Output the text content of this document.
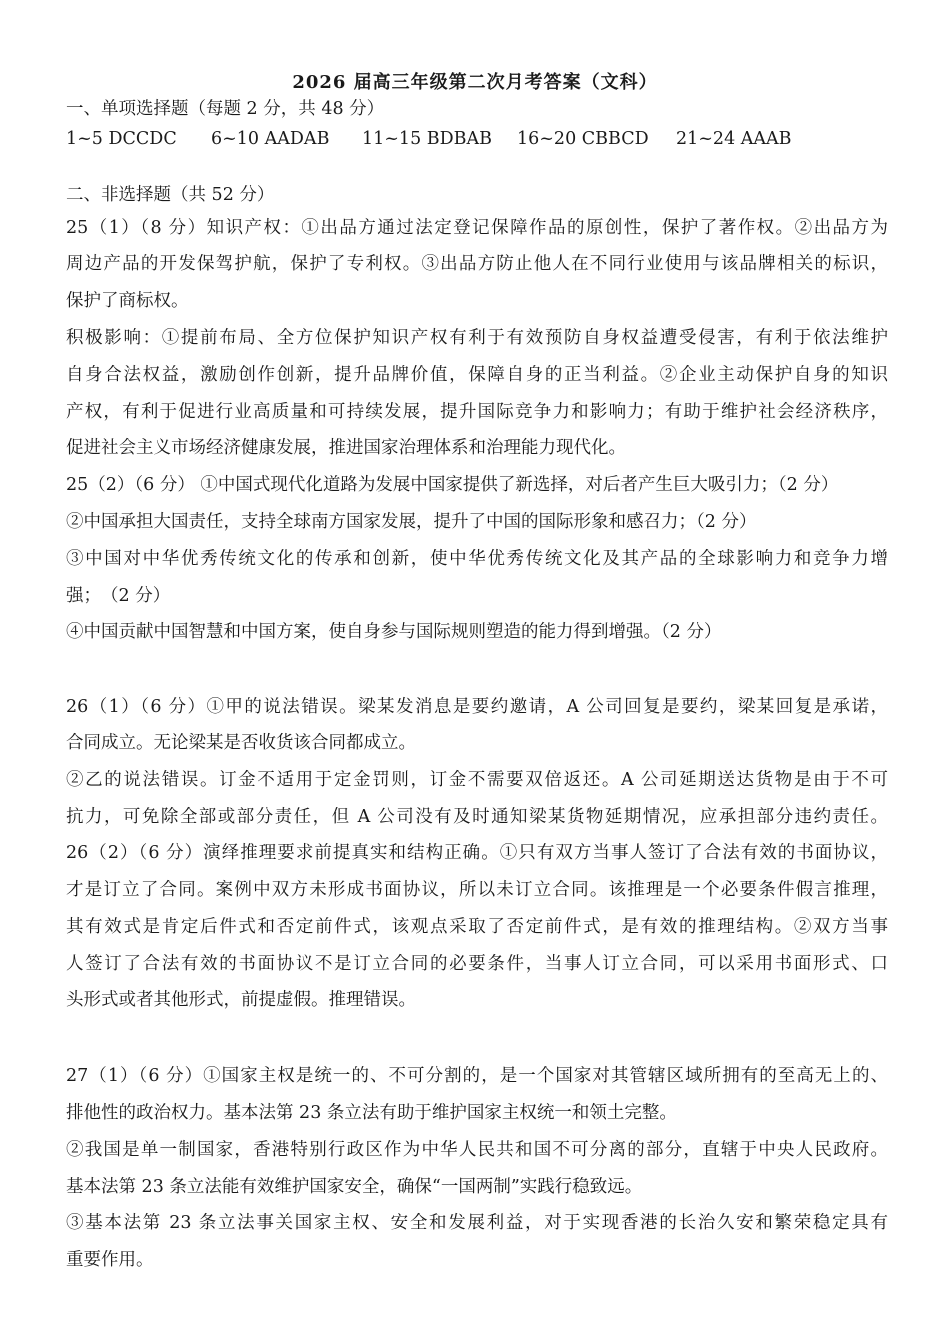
2026 届高三年级第二次月考答案（文科）
一、单项选择题（每题 2 分，共 48 分）
1~5 DCCDC 6~10 AADAB 11~15 BDBAB 16~20 CBBCD 21~24 AAAB
二、非选择题（共 52 分）
25（1）（8 分）知识产权：①出品方通过法定登记保障作品的原创性，保护了著作权。②出品方为
周边产品的开发保驾护航，保护了专利权。③出品方防止他人在不同行业使用与该品牌相关的标识，
保护了商标权。
积极影响：①提前布局、全方位保护知识产权有利于有效预防自身权益遭受侵害，有利于依法维护
自身合法权益，激励创作创新，提升品牌价值，保障自身的正当利益。②企业主动保护自身的知识
产权，有利于促进行业高质量和可持续发展，提升国际竞争力和影响力；有助于维护社会经济秩序，
促进社会主义市场经济健康发展，推进国家治理体系和治理能力现代化。
25（2）（6 分） ①中国式现代化道路为发展中国家提供了新选择，对后者产生巨大吸引力；（2 分）
②中国承担大国责任，支持全球南方国家发展，提升了中国的国际形象和感召力；（2 分）
③中国对中华优秀传统文化的传承和创新，使中华优秀传统文化及其产品的全球影响力和竞争力增
强；　（2 分）
④中国贡献中国智慧和中国方案，使自身参与国际规则塑造的能力得到增强。（2 分）
26（1）（6 分）①甲的说法错误。梁某发消息是要约邀请，A 公司回复是要约，梁某回复是承诺，
合同成立。无论梁某是否收货该合同都成立。
②乙的说法错误。订金不适用于定金罚则，订金不需要双倍返还。A 公司延期送达货物是由于不可
抗力，可免除全部或部分责任，但 A 公司没有及时通知梁某货物延期情况，应承担部分违约责任。
26（2）（6 分）演绎推理要求前提真实和结构正确。①只有双方当事人签订了合法有效的书面协议，
才是订立了合同。案例中双方未形成书面协议，所以未订立合同。该推理是一个必要条件假言推理，
其有效式是肯定后件式和否定前件式，该观点采取了否定前件式，是有效的推理结构。②双方当事
人签订了合法有效的书面协议不是订立合同的必要条件，当事人订立合同，可以采用书面形式、口
头形式或者其他形式，前提虚假。推理错误。
27（1）（6 分）①国家主权是统一的、不可分割的，是一个国家对其管辖区域所拥有的至高无上的、
排他性的政治权力。基本法第 23 条立法有助于维护国家主权统一和领土完整。
②我国是单一制国家，香港特别行政区作为中华人民共和国不可分离的部分，直辖于中央人民政府。
基本法第 23 条立法能有效维护国家安全，确保“一国两制”实践行稳致远。
③基本法第 23 条立法事关国家主权、安全和发展利益，对于实现香港的长治久安和繁荣稳定具有
重要作用。
